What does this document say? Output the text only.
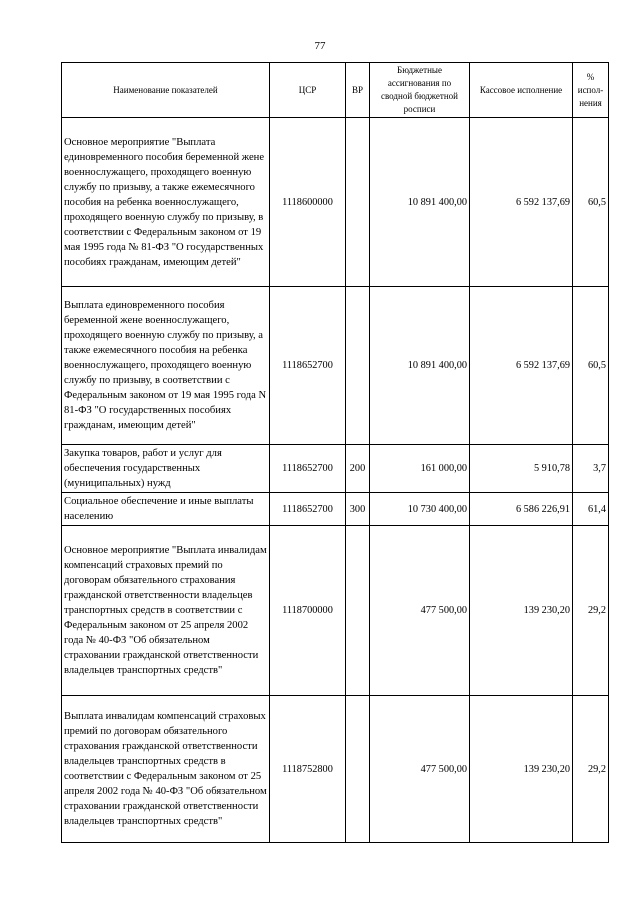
77
Наименование показателей	ЦСР	ВР	Бюджетные ассигнования по сводной бюджетной росписи	Кассовое исполнение	% испол-нения
Основное мероприятие "Выплата единовременного пособия беременной жене военнослужащего, проходящего военную службу по призыву, а также ежемесячного пособия на ребенка военнослужащего, проходящего военную службу по призыву, в соответствии с Федеральным законом от 19 мая 1995 года № 81-ФЗ "О государственных пособиях гражданам, имеющим детей"	1118600000		10 891 400,00	6 592 137,69	60,5
Выплата единовременного пособия беременной жене военнослужащего, проходящего военную службу по призыву, а также ежемесячного пособия на ребенка военнослужащего, проходящего военную службу по призыву, в соответствии с Федеральным законом от 19 мая 1995 года N 81-ФЗ "О государственных пособиях гражданам, имеющим детей"	1118652700		10 891 400,00	6 592 137,69	60,5
Закупка товаров, работ и услуг для обеспечения государственных (муниципальных) нужд	1118652700	200	161 000,00	5 910,78	3,7
Социальное обеспечение и иные выплаты населению	1118652700	300	10 730 400,00	6 586 226,91	61,4
Основное мероприятие "Выплата инвалидам компенсаций страховых премий по договорам обязательного страхования гражданской ответственности владельцев транспортных средств в соответствии с Федеральным законом от 25 апреля 2002 года № 40-ФЗ "Об обязательном страховании гражданской ответственности владельцев транспортных средств"	1118700000		477 500,00	139 230,20	29,2
Выплата инвалидам компенсаций страховых премий по договорам обязательного страхования гражданской ответственности владельцев транспортных средств в соответствии с Федеральным законом от 25 апреля 2002 года № 40-ФЗ "Об обязательном страховании гражданской ответственности владельцев транспортных средств"	1118752800		477 500,00	139 230,20	29,2
